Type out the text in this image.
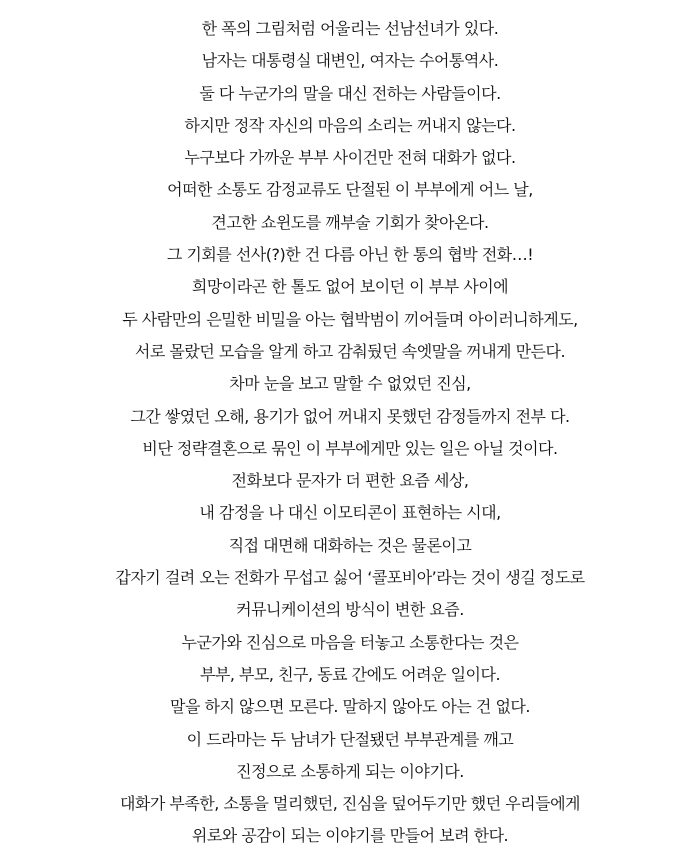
한 폭의 그림처럼 어울리는 선남선녀가 있다.

남자는 대통령실 대변인, 여자는 수어통역사.

둘 다 누군가의 말을 대신 전하는 사람들이다.

하지만 정작 자신의 마음의 소리는 꺼내지 않는다.

누구보다 가까운 부부 사이건만 전혀 대화가 없다.

어떠한 소통도 감정교류도 단절된 이 부부에게 어느 날,

견고한 쇼윈도를 깨부술 기회가 찾아온다.

그 기회를 선사(?)한 건 다름 아닌 한 통의 협박 전화…!

희망이라곤 한 톨도 없어 보이던 이 부부 사이에

두 사람만의 은밀한 비밀을 아는 협박범이 끼어들며 아이러니하게도,

서로 몰랐던 모습을 알게 하고 감춰뒀던 속엣말을 꺼내게 만든다.

차마 눈을 보고 말할 수 없었던 진심,

그간 쌓였던 오해, 용기가 없어 꺼내지 못했던 감정들까지 전부 다.

비단 정략결혼으로 묶인 이 부부에게만 있는 일은 아닐 것이다.

전화보다 문자가 더 편한 요즘 세상,

내 감정을 나 대신 이모티콘이 표현하는 시대,

직접 대면해 대화하는 것은 물론이고

갑자기 걸려 오는 전화가 무섭고 싫어 ‘콜포비아’라는 것이 생길 정도로

커뮤니케이션의 방식이 변한 요즘.

누군가와 진심으로 마음을 터놓고 소통한다는 것은

부부, 부모, 친구, 동료 간에도 어려운 일이다.

말을 하지 않으면 모른다. 말하지 않아도 아는 건 없다.

이 드라마는 두 남녀가 단절됐던 부부관계를 깨고

진정으로 소통하게 되는 이야기다.

대화가 부족한, 소통을 멀리했던, 진심을 덮어두기만 했던 우리들에게

위로와 공감이 되는 이야기를 만들어 보려 한다.
